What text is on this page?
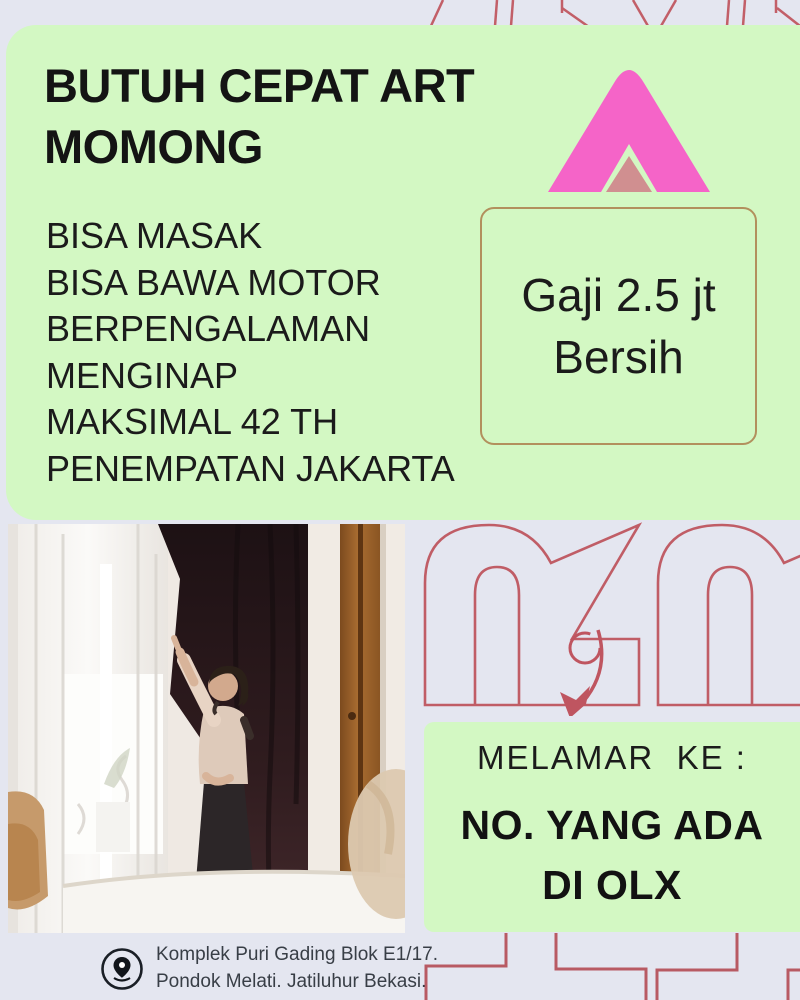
BUTUH CEPAT ART
MOMONG
BISA MASAK
BISA BAWA MOTOR
BERPENGALAMAN
MENGINAP
MAKSIMAL 42 TH
PENEMPATAN JAKARTA
Gaji 2.5 jt
Bersih
MELAMAR  KE :
NO. YANG ADA
DI OLX
Komplek Puri Gading Blok E1/17.
Pondok Melati. Jatiluhur Bekasi.
